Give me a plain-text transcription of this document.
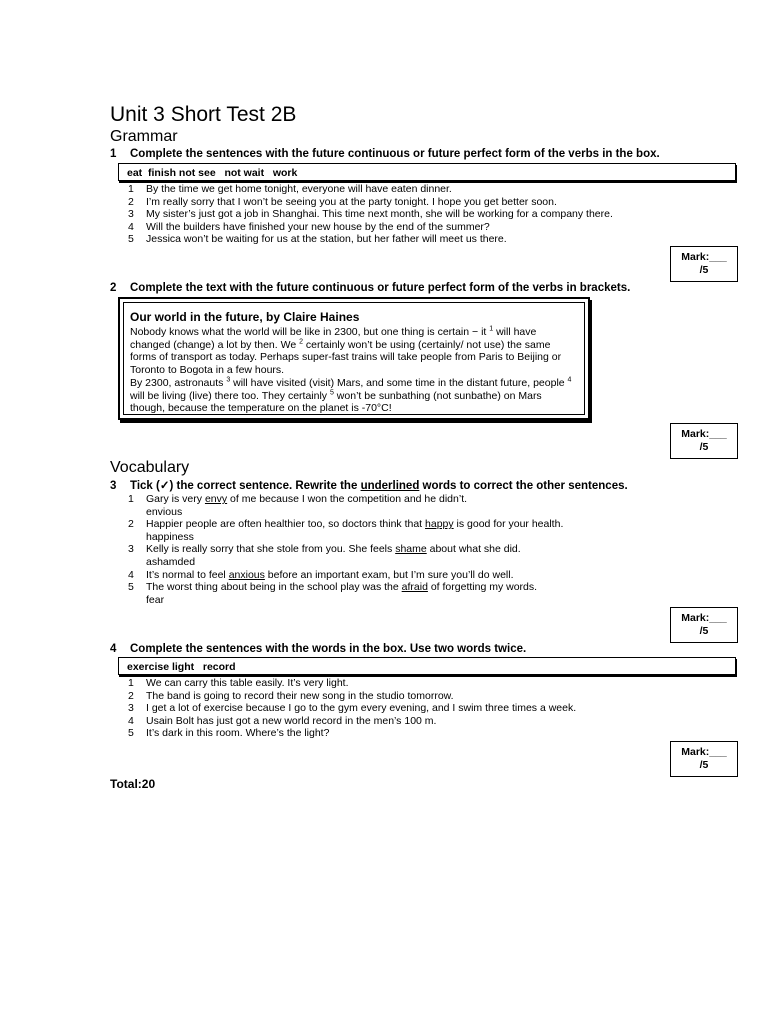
Unit 3 Short Test 2B
Grammar
1 Complete the sentences with the future continuous or future perfect form of the verbs in the box.
eat  finish not see   not wait   work
1	By the time we get home tonight, everyone will have eaten dinner.
2	I’m really sorry that I won’t be seeing you at the party tonight. I hope you get better soon.
3	My sister’s just got a job in Shanghai. This time next month, she will be working for a company there.
4	Will the builders have finished your new house by the end of the summer?
5	Jessica won’t be waiting for us at the station, but her father will meet us there.
Mark:___
/5
2 Complete the text with the future continuous or future perfect form of the verbs in brackets.
Our world in the future, by Claire Haines
Nobody knows what the world will be like in 2300, but one thing is certain − it $^1$ will have changed (change) a lot by then. We $^2$ certainly won’t be using (certainly/ not use) the same forms of transport as today. Perhaps super-fast trains will take people from Paris to Beijing or Toronto to Bogota in a few hours.
By 2300, astronauts $^3$ will have visited (visit) Mars, and some time in the distant future, people $^4$ will be living (live) there too. They certainly $^5$ won’t be sunbathing (not sunbathe) on Mars though, because the temperature on the planet is -70°C!
Mark:___
/5
Vocabulary
3 Tick (✓) the correct sentence. Rewrite the underlined words to correct the other sentences.
1	Gary is very envy of me because I won the competition and he didn’t.
envious
2	Happier people are often healthier too, so doctors think that happy is good for your health.
happiness
3	Kelly is really sorry that she stole from you. She feels shame about what she did.
ashamded
4	It’s normal to feel anxious before an important exam, but I’m sure you’ll do well.
5	The worst thing about being in the school play was the afraid of forgetting my words.
fear
Mark:___
/5
4 Complete the sentences with the words in the box. Use two words twice.
exercise light   record
1	We can carry this table easily. It’s very light.
2	The band is going to record their new song in the studio tomorrow.
3	I get a lot of exercise because I go to the gym every evening, and I swim three times a week.
4	Usain Bolt has just got a new world record in the men’s 100 m.
5	It’s dark in this room. Where’s the light?
Mark:___
/5
Total:20
